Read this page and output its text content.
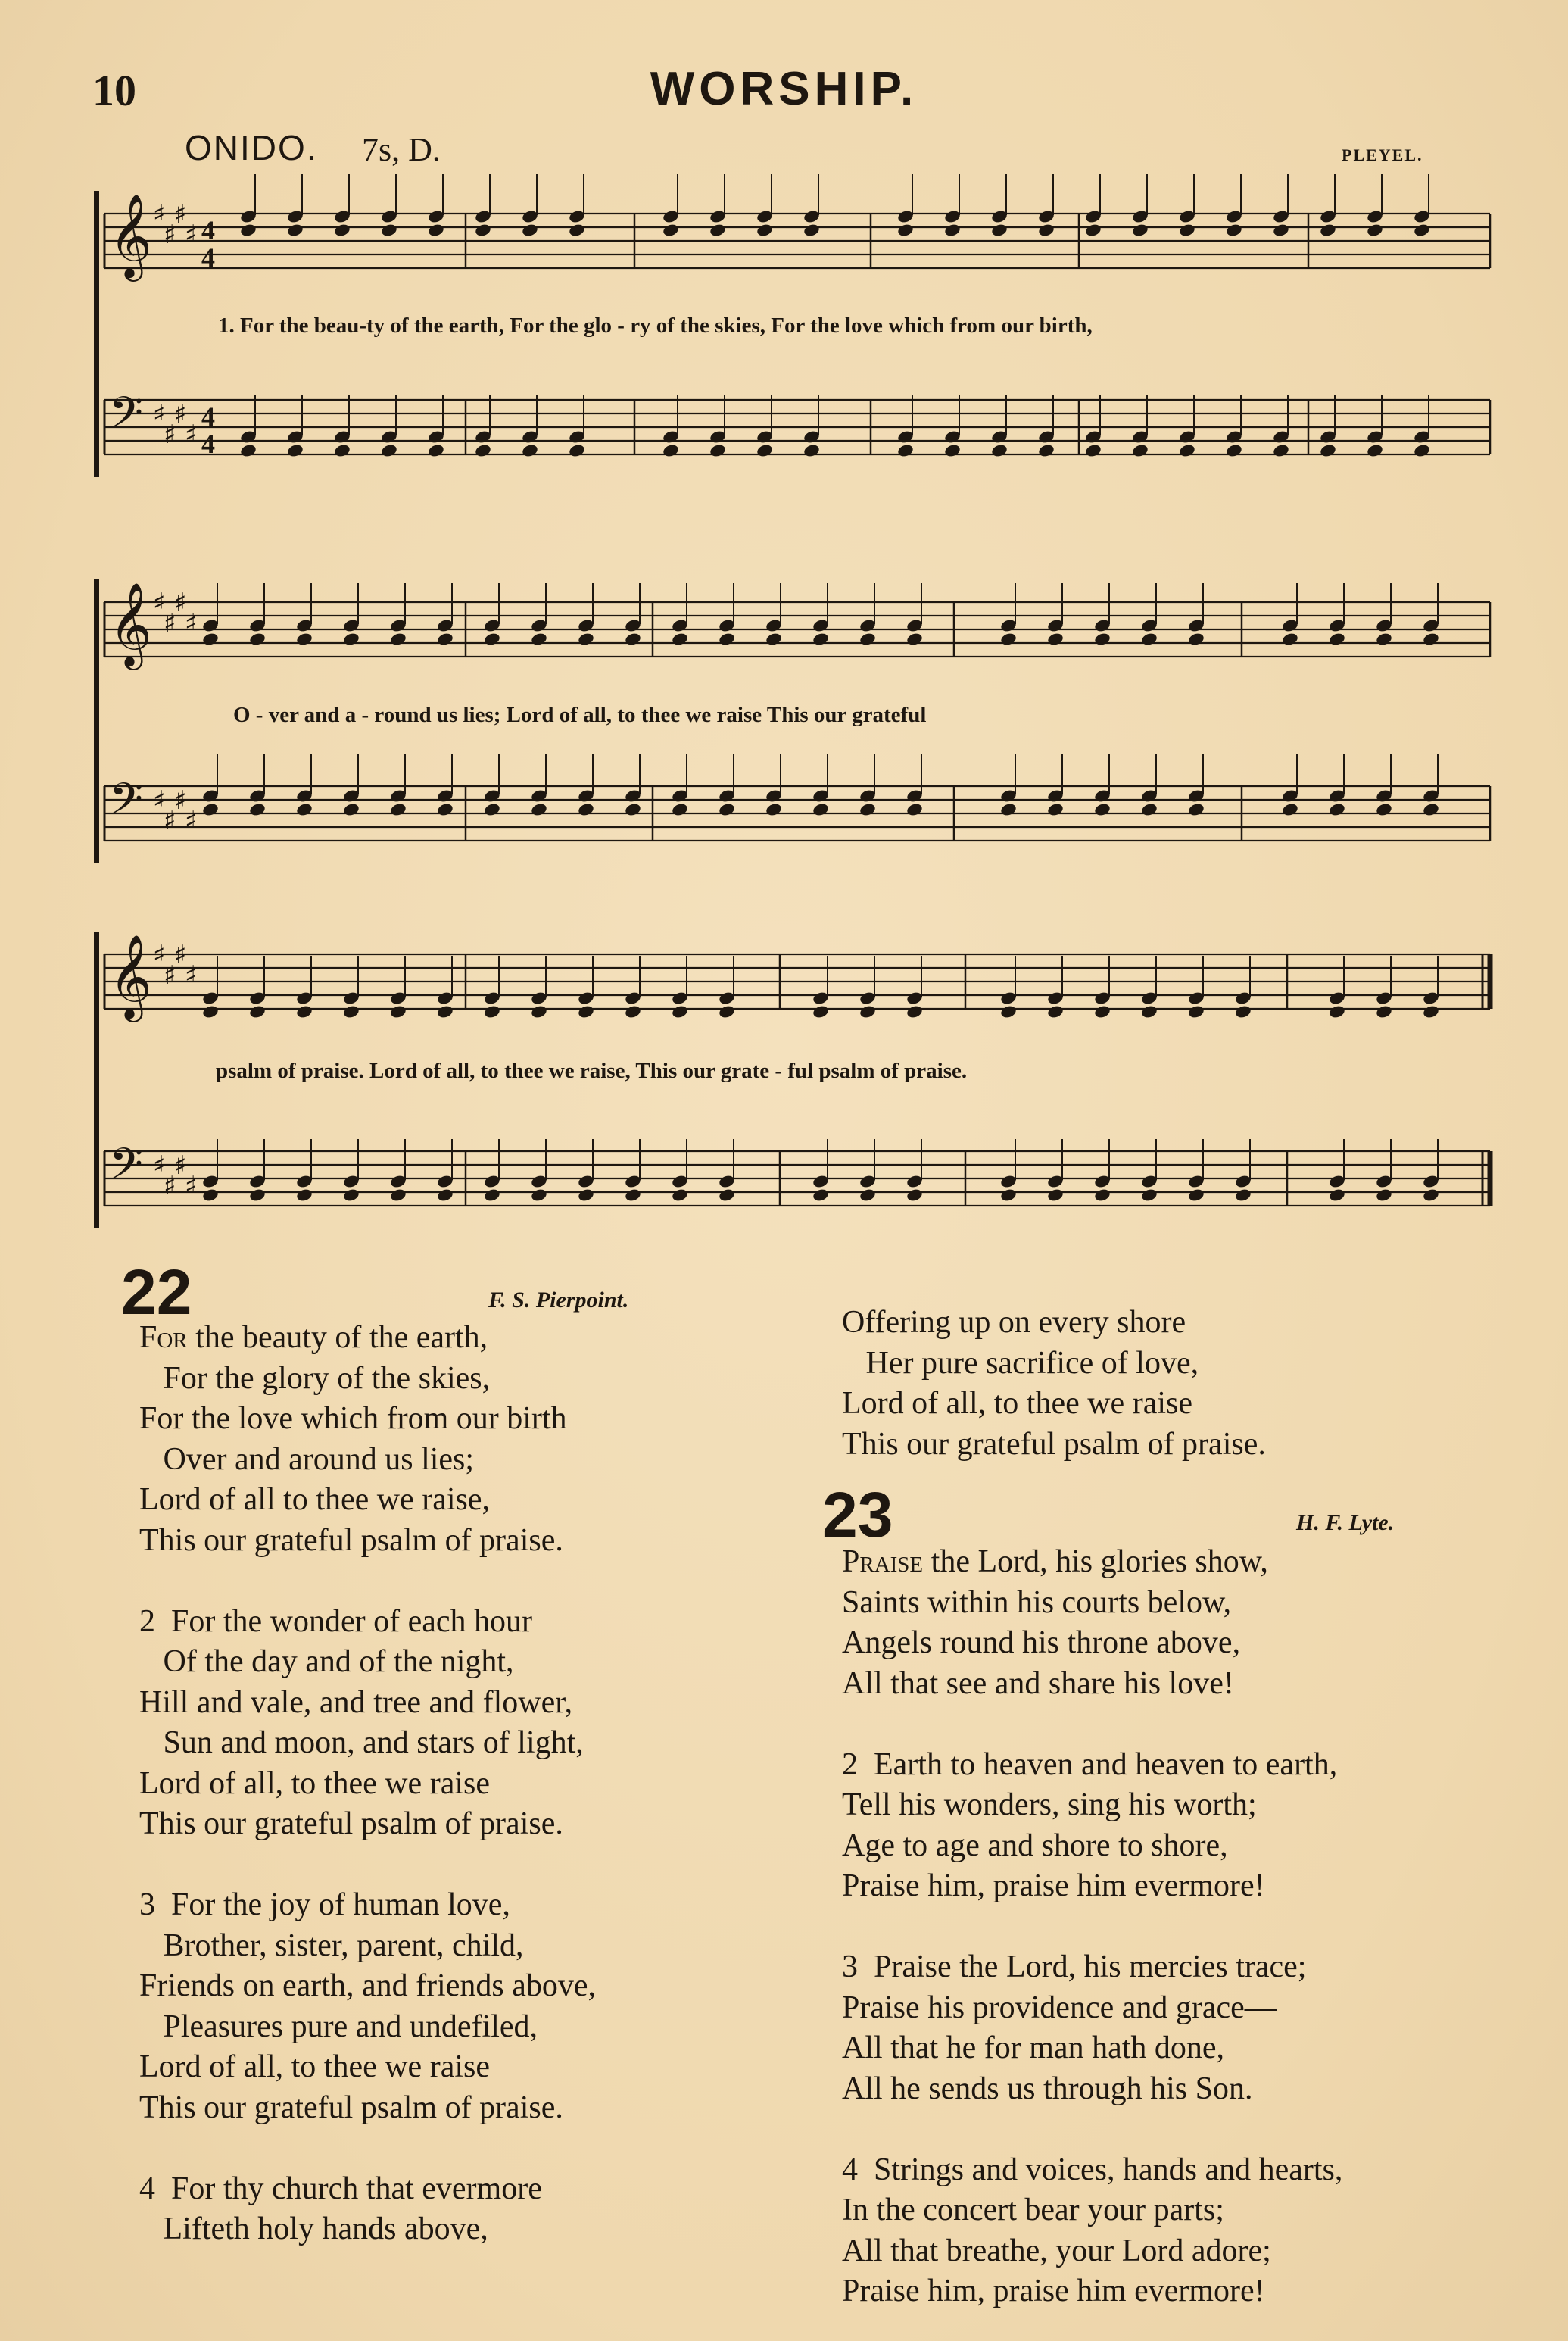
10	WORSHIP.
ONIDO. 7s, D.	PLEYEL.
𝄞 ♯
♯
♯
♯ 4
4
𝄢 ♯
♯
♯
♯
4
4
𝄞 ♯
♯
♯
♯
𝄢 ♯
♯
♯
♯
𝄞 ♯
♯
♯
♯
𝄢 ♯
♯
♯
♯
1. For the beau-ty of the earth, For the glo - ry of the skies, For the love which from our birth,
O - ver and a - round us lies; Lord of all, to thee we raise This our grateful
psalm of praise. Lord of all, to thee we raise, This our grate - ful psalm of praise.
22	F. S. Pierpoint.
For the beauty of the earth,
For the glory of the skies,
For the love which from our birth
Over and around us lies;
Lord of all to thee we raise,
This our grateful psalm of praise.
2  For the wonder of each hour
Of the day and of the night,
Hill and vale, and tree and flower,
Sun and moon, and stars of light,
Lord of all, to thee we raise
This our grateful psalm of praise.
3  For the joy of human love,
Brother, sister, parent, child,
Friends on earth, and friends above,
Pleasures pure and undefiled,
Lord of all, to thee we raise
This our grateful psalm of praise.
4  For thy church that evermore
Lifteth holy hands above,
Offering up on every shore
Her pure sacrifice of love,
Lord of all, to thee we raise
This our grateful psalm of praise.
23	H. F. Lyte.
Praise the Lord, his glories show,
Saints within his courts below,
Angels round his throne above,
All that see and share his love!
2  Earth to heaven and heaven to earth,
Tell his wonders, sing his worth;
Age to age and shore to shore,
Praise him, praise him evermore!
3  Praise the Lord, his mercies trace;
Praise his providence and grace—
All that he for man hath done,
All he sends us through his Son.
4  Strings and voices, hands and hearts,
In the concert bear your parts;
All that breathe, your Lord adore;
Praise him, praise him evermore!
